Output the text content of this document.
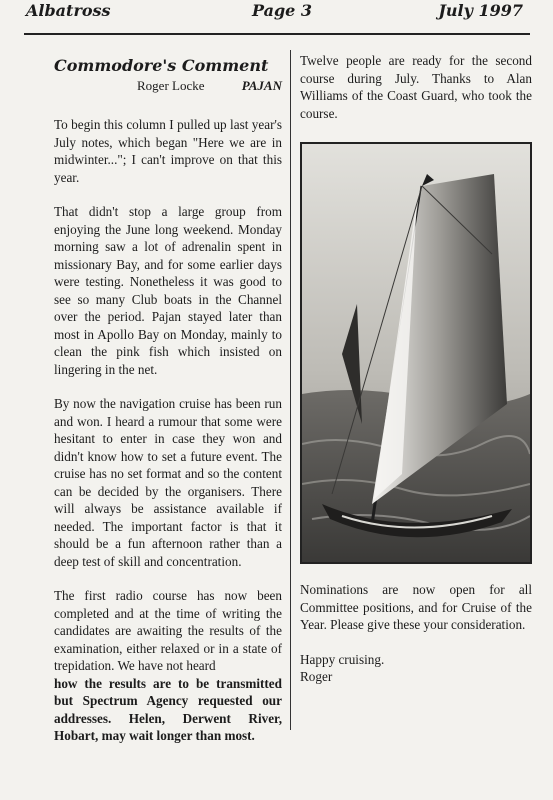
Albatross	Page 3	July 1997
Commodore's Comment
Roger Locke	PAJAN

To begin this column I pulled up last year's July notes, which began "Here we are in midwinter..."; I can't improve on that this year.

That didn't stop a large group from enjoying the June long weekend. Monday morning saw a lot of adrenalin spent in missionary Bay, and for some earlier days were testing. Nonetheless it was good to see so many Club boats in the Channel over the period. Pajan stayed later than most in Apollo Bay on Monday, mainly to clean the pink fish which insisted on lingering in the net.

By now the navigation cruise has been run and won. I heard a rumour that some were hesitant to enter in case they won and didn't know how to set a future event. The cruise has no set format and so the content can be decided by the organisers. There will always be assistance available if needed. The important factor is that it should be a fun afternoon rather than a deep test of skill and concentration.

The first radio course has now been completed and at the time of writing the candidates are awaiting the results of the examination, either relaxed or in a state of trepidation. We have not heard

how the results are to be transmitted but Spectrum Agency requested our addresses. Helen, Derwent River, Hobart, may wait longer than most.

Twelve people are ready for the second course during July. Thanks to Alan Williams of the Coast Guard, who took the course.

Nominations are now open for all Committee positions, and for Cruise of the Year. Please give these your consideration.

Happy cruising.

Roger
